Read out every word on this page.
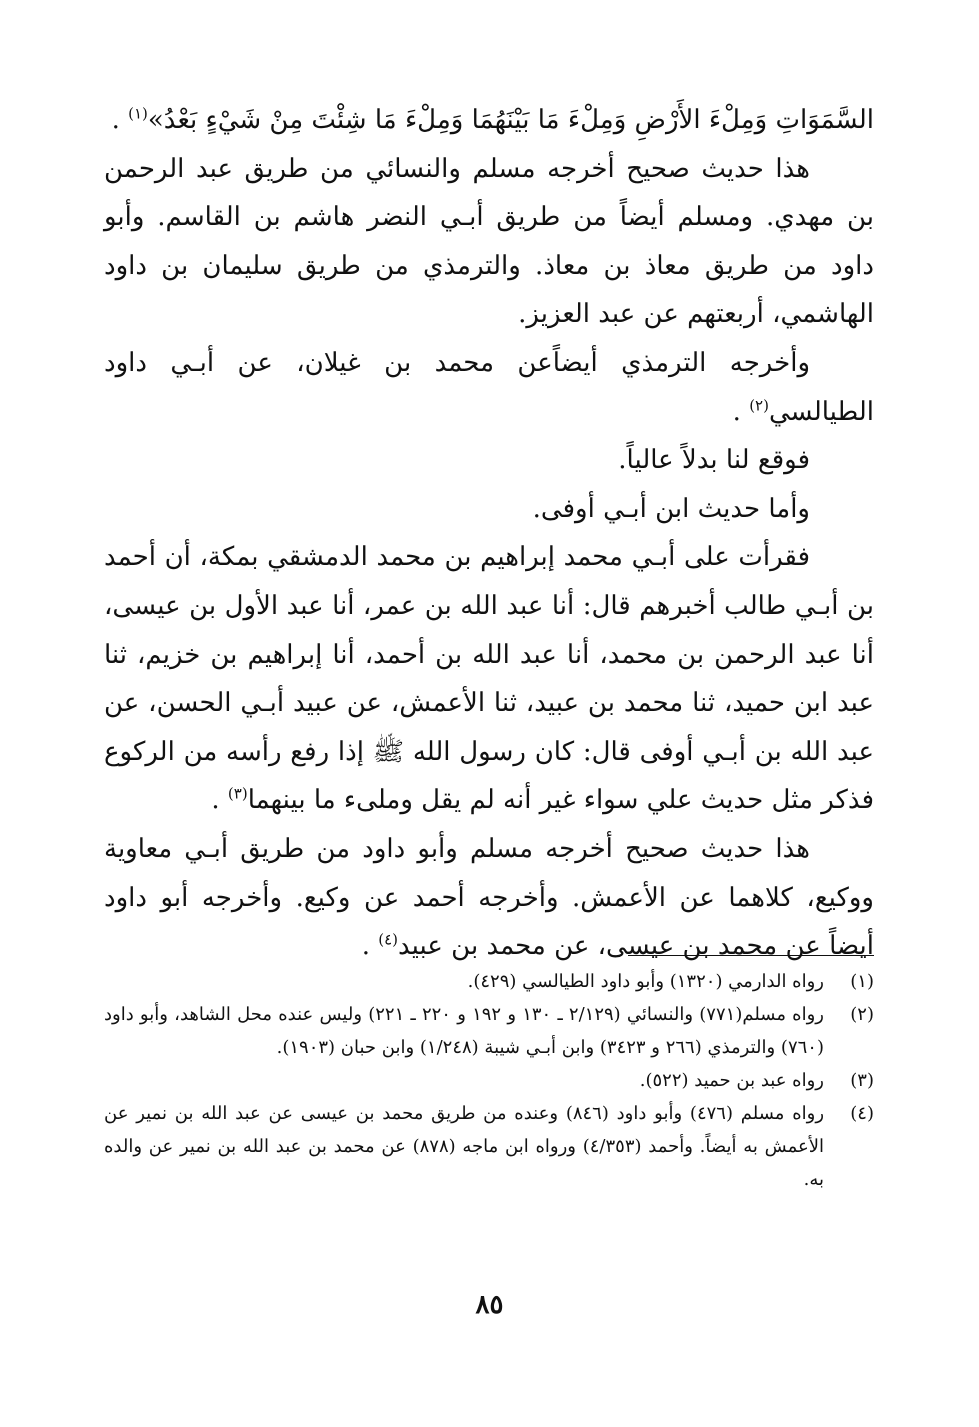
السَّمَوَاتِ وَمِلْءَ الأَرْضِ وَمِلْءَ مَا بَيْنَهُمَا وَمِلْءَ مَا شِئْتَ مِنْ شَيْءٍ بَعْدُ»$^{(١)}$ .

هذا حديث صحيح أخرجه مسلم والنسائي من طريق عبد الرحمن بن مهدي. ومسلم أيضاً من طريق أبـي النضر هاشم بن القاسم. وأبو داود من طريق معاذ بن معاذ. والترمذي من طريق سليمان بن داود الهاشمي، أربعتهم عن عبد العزيز.

وأخرجه الترمذي أيضاًعن محمد بن غيلان، عن أبـي داود الطيالسي$^{(٢)}$ .

فوقع لنا بدلاً عالياً.

وأما حديث ابن أبـي أوفى.

فقرأت على أبـي محمد إبراهيم بن محمد الدمشقي بمكة، أن أحمد بن أبـي طالب أخبرهم قال: أنا عبد الله بن عمر، أنا عبد الأول بن عيسى، أنا عبد الرحمن بن محمد، أنا عبد الله بن أحمد، أنا إبراهيم بن خزيم، ثنا عبد ابن حميد، ثنا محمد بن عبيد، ثنا الأعمش، عن عبيد أبـي الحسن، عن عبد الله بن أبـي أوفى قال: كان رسول الله ﷺ إذا رفع رأسه من الركوع فذكر مثل حديث علي سواء غير أنه لم يقل وملىء ما بينهما$^{(٣)}$ .

هذا حديث صحيح أخرجه مسلم وأبو داود من طريق أبـي معاوية ووكيع، كلاهما عن الأعمش. وأخرجه أحمد عن وكيع. وأخرجه أبو داود أيضاً عن محمد بن عيسى، عن محمد بن عبيد$^{(٤)}$ .

(١)
رواه الدارمي (١٣٢٠) وأبو داود الطيالسي (٤٢٩).
(٢)
رواه مسلم(٧٧١) والنسائي (٢/١٢٩ ـ ١٣٠ و ١٩٢ و ٢٢٠ ـ ٢٢١) وليس عنده محل الشاهد، وأبو داود (٧٦٠) والترمذي (٢٦٦ و ٣٤٢٣) وابن أبـي شيبة (١/٢٤٨) وابن حبان (١٩٠٣).
(٣)
رواه عبد بن حميد (٥٢٢).
(٤)
رواه مسلم (٤٧٦) وأبو داود (٨٤٦) وعنده من طريق محمد بن عيسى عن عبد الله بن نمير عن الأعمش به أيضاً. وأحمد (٤/٣٥٣) ورواه ابن ماجه (٨٧٨) عن محمد بن عبد الله بن نمير عن والده به.
٨٥
